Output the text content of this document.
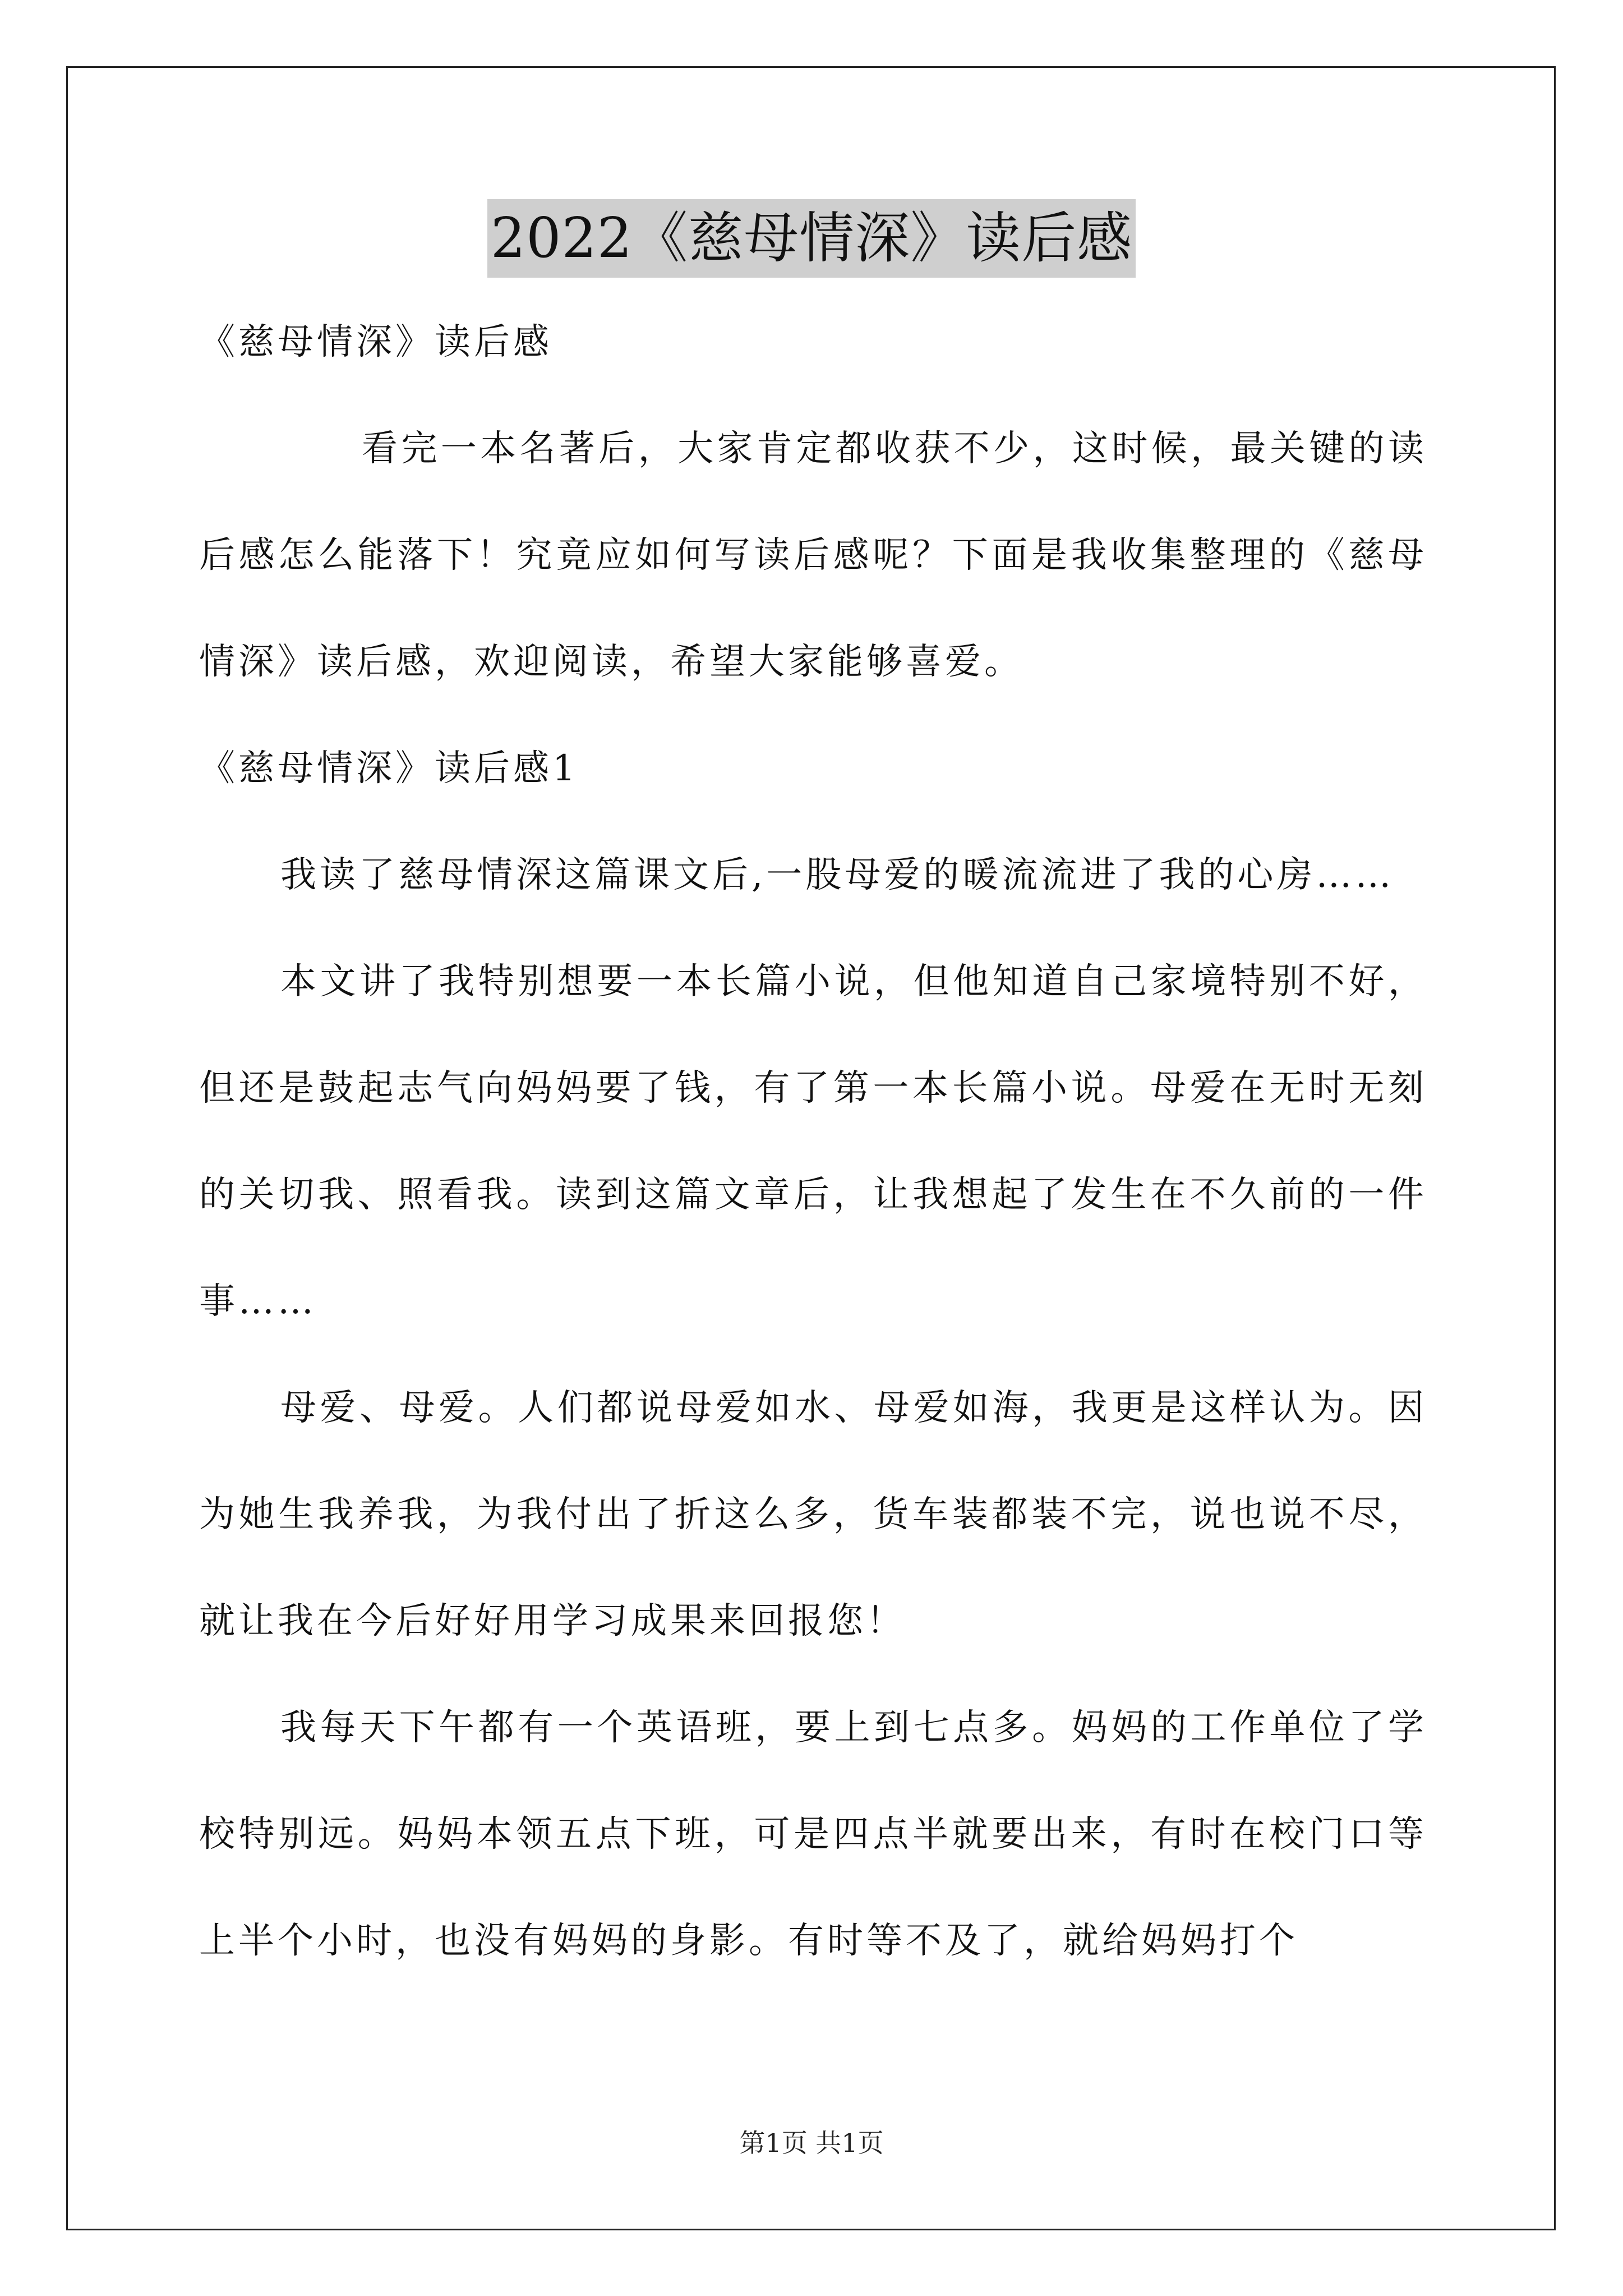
2022《慈母情深》读后感
《慈母情深》读后感

看完一本名著后，大家肯定都收获不少，这时候，最关键的读后感怎么能落下！究竟应如何写读后感呢？下面是我收集整理的《慈母情深》读后感，欢迎阅读，希望大家能够喜爱。

《慈母情深》读后感1

我读了慈母情深这篇课文后,一股母爱的暖流流进了我的心房……

本文讲了我特别想要一本长篇小说，但他知道自己家境特别不好，但还是鼓起志气向妈妈要了钱，有了第一本长篇小说。母爱在无时无刻的关切我、照看我。读到这篇文章后，让我想起了发生在不久前的一件事……

母爱、母爱。人们都说母爱如水、母爱如海，我更是这样认为。因为她生我养我，为我付出了折这么多，货车装都装不完，说也说不尽，就让我在今后好好用学习成果来回报您！

我每天下午都有一个英语班，要上到七点多。妈妈的工作单位了学校特别远。妈妈本领五点下班，可是四点半就要出来，有时在校门口等上半个小时，也没有妈妈的身影。有时等不及了，就给妈妈打个

第1页 共1页
